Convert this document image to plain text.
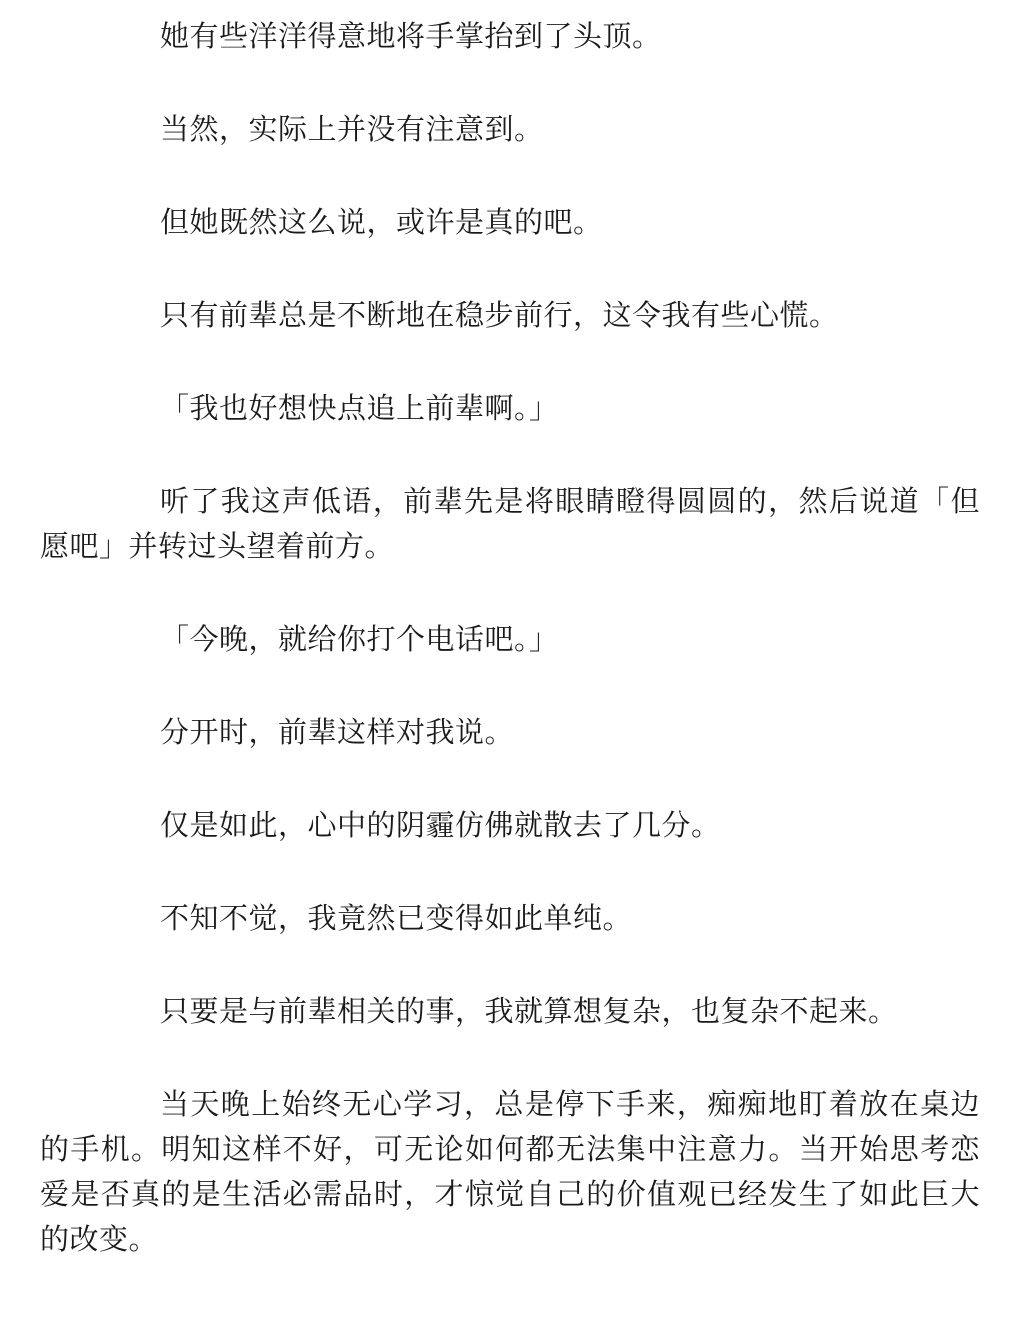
她有些洋洋得意地将手掌抬到了头顶。

当然，实际上并没有注意到。

但她既然这么说，或许是真的吧。

只有前辈总是不断地在稳步前行，这令我有些心慌。

「我也好想快点追上前辈啊。」

听了我这声低语，前辈先是将眼睛瞪得圆圆的，然后说道「但愿吧」并转过头望着前方。

「今晚，就给你打个电话吧。」

分开时，前辈这样对我说。

仅是如此，心中的阴霾仿佛就散去了几分。

不知不觉，我竟然已变得如此单纯。

只要是与前辈相关的事，我就算想复杂，也复杂不起来。

当天晚上始终无心学习，总是停下手来，痴痴地盯着放在桌边的手机。明知这样不好，可无论如何都无法集中注意力。当开始思考恋爱是否真的是生活必需品时，才惊觉自己的价值观已经发生了如此巨大的改变。
